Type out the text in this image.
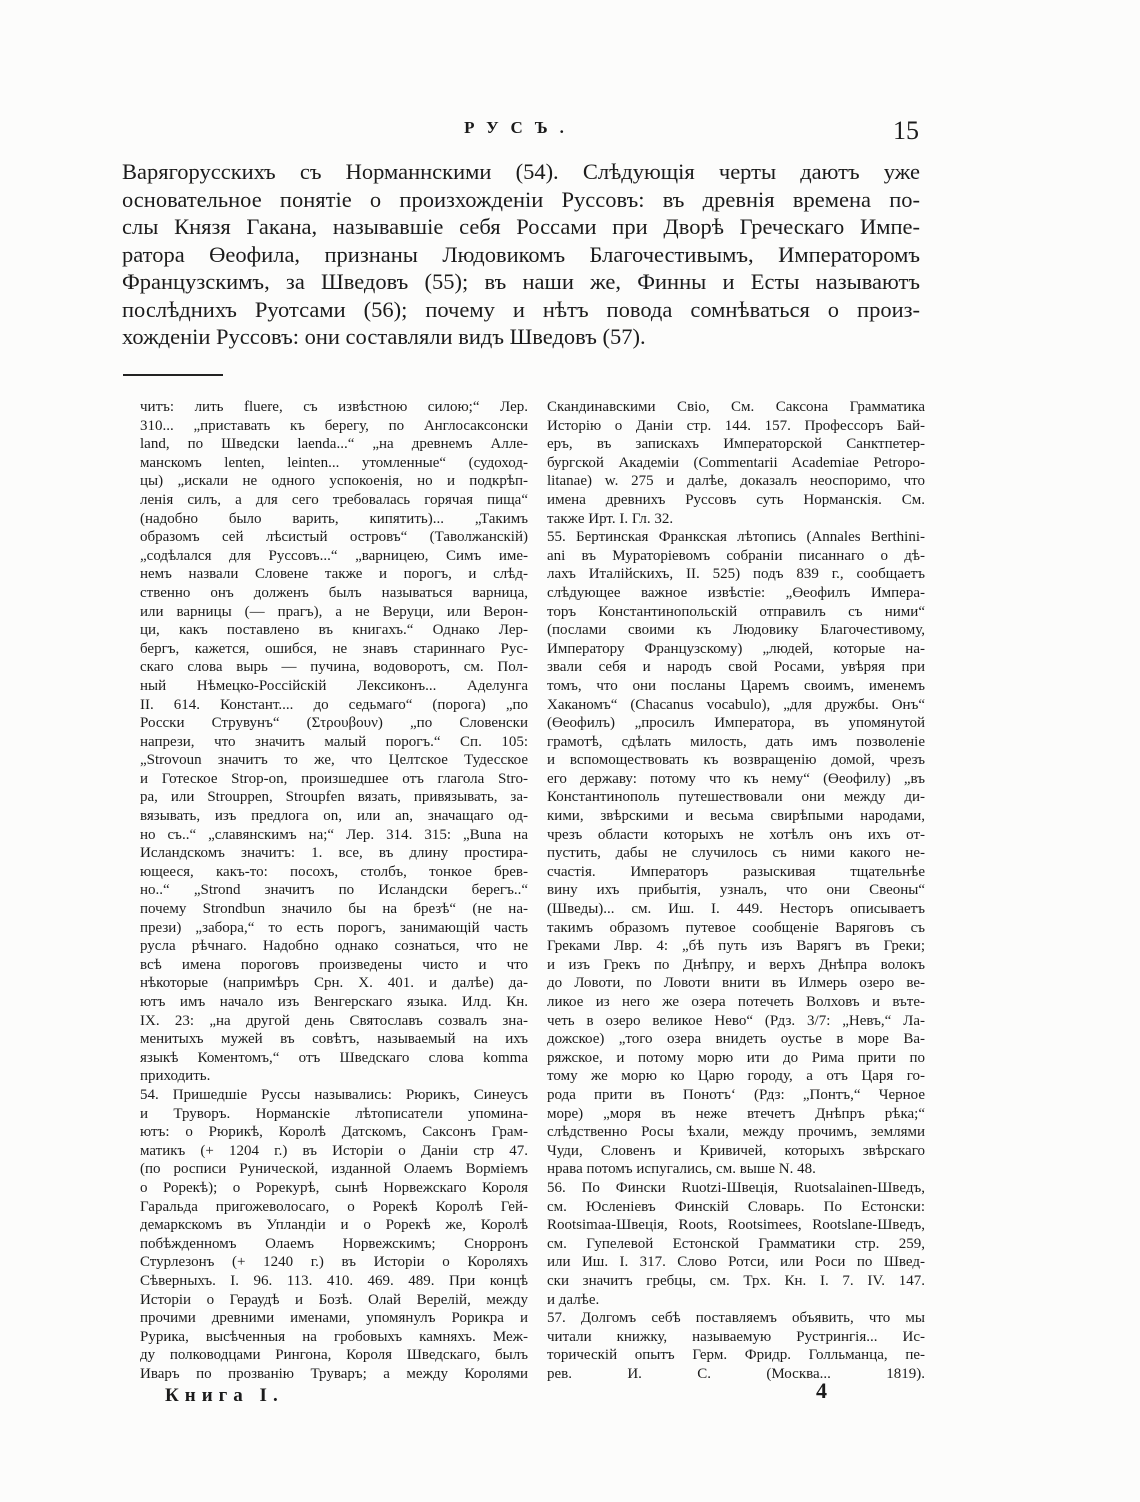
РУСЪ.	15
Варягорусскихъ съ Норманнскими (54). Слѣдующія черты даютъ уже
основательное понятіе о произхожденіи Руссовъ: въ древнія времена по-
слы Князя Гакана, называвшіе себя Россами при Дворѣ Греческаго Импе-
ратора Өеофила, признаны Людовикомъ Благочестивымъ, Императоромъ
Французскимъ, за Шведовъ (55); въ наши же, Финны и Есты называютъ
послѣднихъ Руотсами (56); почему и нѣтъ повода сомнѣваться о произ-
хожденіи Руссовъ: они составляли видъ Шведовъ (57).
читъ: лить fluere, съ извѣстною силою;“ Лер.
310... „приставать къ берегу, по Англосаксонски
land, по Шведски laenda...“ „на древнемъ Алле-
манскомъ lenten, leinten... утомленные“ (судоход-
цы) „искали не одного успокоенія, но и подкрѣп-
ленія силъ, а для сего требовалась горячая пища“
(надобно было варить, кипятить)... „Такимъ
образомъ сей лѣсистый островъ“ (Таволжанскій)
„содѣлался для Руссовъ...“ „варницею, Симъ име-
немъ назвали Словене также и порогъ, и слѣд-
ственно онъ долженъ былъ называться варница,
или варницы (— прагъ), а не Веруци, или Верон-
ци, какъ поставлено въ книгахъ.“ Однако Лер-
бергъ, кажется, ошибся, не знавъ стариннаго Рус-
скаго слова вырь — пучина, водоворотъ, см. Пол-
ный Нѣмецко-Россійскій Лексиконъ... Аделунга
II. 614. Констант.... до седьмаго“ (порога) „по
Росски Струвунъ“ (Στρουβουν) „по Словенски
напрези, что значитъ малый порогъ.“ Сп. 105:
„Strovoun значитъ то же, что Целтское Тудесское
и Готеское Strop-on, произшедшее отъ глагола Stro-
pa, или Strouppen, Stroupfen вязать, привязывать, за-
вязывать, изъ предлога on, или an, значащаго од-
но съ..“ „славянскимъ на;“ Лер. 314. 315: „Buna на
Исландскомъ значитъ: 1. все, въ длину простира-
ющееся, какъ-то: посохъ, столбъ, тонкое брев-
но..“ „Strond значитъ по Исландски берегъ..“
почему Strondbun значило бы на брезѣ“ (не на-
прези) „забора,“ то есть порогъ, занимающій часть
русла рѣчнаго. Надобно однако сознаться, что не
всѣ имена пороговъ произведены чисто и что
нѣкоторые (напримѣръ Срн. X. 401. и далѣе) да-
ютъ имъ начало изъ Венгерскаго языка. Илд. Кн.
IX. 23: „на другой день Святославъ созвалъ зна-
менитыхъ мужей въ совѣтъ, называемый на ихъ
языкѣ Коментомъ,“ отъ Шведскаго слова komma
приходить.
54. Пришедшіе Руссы назывались: Рюрикъ, Синеусъ
и Труворъ. Норманскіе лѣтописатели упомина-
ютъ: о Рюрикѣ, Королѣ Датскомъ, Саксонъ Грам-
матикъ (+ 1204 г.) въ Исторіи о Даніи стр 47.
(по росписи Рунической, изданной Олаемъ Ворміемъ
о Рорекѣ); о Рорекурѣ, сынѣ Норвежскаго Короля
Гаральда пригожеволосаго, о Рорекѣ Королѣ Гей-
демаркскомъ въ Упландіи и о Рорекѣ же, Королѣ
побѣжденномъ Олаемъ Норвежскимъ; Снорронъ
Стурлезонъ (+ 1240 г.) въ Исторіи о Короляхъ
Сѣверныхъ. I. 96. 113. 410. 469. 489. При концѣ
Исторіи о Гераудѣ и Бозѣ. Олай Верелій, между
прочими древними именами, упомянулъ Рорикра и
Рурика, высѣченныя на гробовыхъ камняхъ. Меж-
ду полководцами Рингона, Короля Шведскаго, былъ
Иваръ по прозванію Труваръ; а между Королями
Скандинавскими Свіо, См. Саксона Грамматика
Исторію о Даніи стр. 144. 157. Профессоръ Бай-
еръ, въ запискахъ Императорской Санктпетер-
бургской Академіи (Commentarii Academiae Petropo-
litanae) w. 275 и далѣе, доказалъ неоспоримо, что
имена древнихъ Руссовъ суть Норманскія. См.
также Ирт. I. Гл. 32.
55. Бертинская Франкская лѣтопись (Annales Berthini-
ani въ Мураторіевомъ собраніи писаннаго о дѣ-
лахъ Италійскихъ, II. 525) подъ 839 г., сообщаетъ
слѣдующее важное извѣстіе: „Өеофилъ Импера-
торъ Константинопольскій отправилъ съ ними“
(послами своими къ Людовику Благочестивому,
Императору Французскому) „людей, которые на-
звали себя и народъ свой Росами, увѣряя при
томъ, что они посланы Царемъ своимъ, именемъ
Хаканомъ“ (Chacanus vocabulo), „для дружбы. Онъ“
(Өеофилъ) „просилъ Императора, въ упомянутой
грамотѣ, сдѣлать милость, дать имъ позволеніе
и вспомоществовать къ возвращенію домой, чрезъ
его державу: потому что къ нему“ (Өеофилу) „въ
Константинополь путешествовали они между ди-
кими, звѣрскими и весьма свирѣпыми народами,
чрезъ области которыхъ не хотѣлъ онъ ихъ от-
пустить, дабы не случилось съ ними какого не-
счастія. Императоръ разыскивая тщательнѣе
вину ихъ прибытія, узналъ, что они Свеоны“
(Шведы)... см. Иш. I. 449. Несторъ описываетъ
такимъ образомъ путевое сообщеніе Варяговъ съ
Греками Лвр. 4: „бѣ путь изъ Варягъ въ Греки;
и изъ Грекъ по Днѣпру, и верхъ Днѣпра волокъ
до Ловоти, по Ловоти внити въ Илмерь озеро ве-
ликое из него же озера потечеть Волховъ и вътe-
четь в озеро великое Нево“ (Рдз. 3/7: „Невъ,“ Ла-
дожское) „того озера внидеть оустье в море Ва-
ряжское, и потому морю ити до Рима прити по
тому же морю ко Царю городу, а отъ Царя го-
рода прити въ Понотъ‘ (Рдз: „Понтъ,“ Черное
море) „моря въ неже втечетъ Днѣпръ рѣка;“
слѣдственно Росы ѣхали, между прочимъ, землями
Чуди, Словенъ и Кривичей, которыхъ звѣрскаго
нрава потомъ испугались, см. выше N. 48.
56. По Фински Ruotzi-Швеція, Ruotsalainen-Шведъ,
см. Юсленіевъ Финскій Словарь. По Естонски:
Rootsimaa-Швеція, Roots, Rootsimees, Rootslane-Шведъ,
см. Гупелевой Естонской Грамматики стр. 259,
или Иш. I. 317. Слово Ротси, или Роси по Швед-
ски значитъ гребцы, см. Трх. Кн. I. 7. IV. 147.
и далѣе.
57. Долгомъ себѣ поставляемъ объявить, что мы
читали книжку, называемую Рустрингія... Ис-
торическій опытъ Герм. Фридр. Голльманца, пе-
рев. И. С. (Москва... 1819).
Книга I.	4
